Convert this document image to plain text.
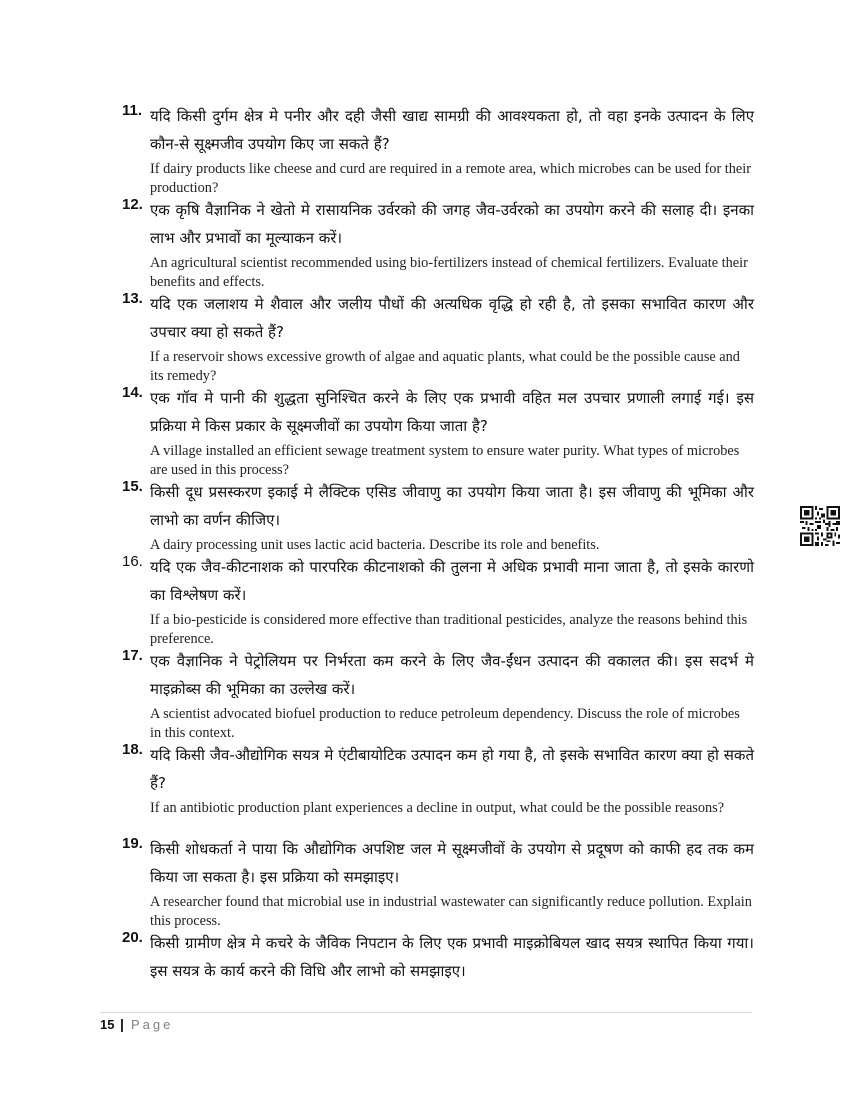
11. यदि किसी दुर्गम क्षेत्र मे पनीर और दही जैसी खाद्य सामग्री की आवश्यकता हो, तो वहा इनके उत्पादन के लिए कौन-से सूक्ष्मजीव उपयोग किए जा सकते हैं?
If dairy products like cheese and curd are required in a remote area, which microbes can be used for their production?
12. एक कृषि वैज्ञानिक ने खेतो मे रासायनिक उर्वरको की जगह जैव-उर्वरको का उपयोग करने की सलाह दी। इनका लाभ और प्रभावों का मूल्याकन करें।
An agricultural scientist recommended using bio-fertilizers instead of chemical fertilizers. Evaluate their benefits and effects.
13. यदि एक जलाशय मे शैवाल और जलीय पौधों की अत्यधिक वृद्धि हो रही है, तो इसका सभावित कारण और उपचार क्या हो सकते हैं?
If a reservoir shows excessive growth of algae and aquatic plants, what could be the possible cause and its remedy?
14. एक गॉव मे पानी की शुद्धता सुनिश्चित करने के लिए एक प्रभावी वहित मल उपचार प्रणाली लगाई गई। इस प्रक्रिया मे किस प्रकार के सूक्ष्मजीवों का उपयोग किया जाता है?
A village installed an efficient sewage treatment system to ensure water purity. What types of microbes are used in this process?
15. किसी दूध प्रसस्करण इकाई मे लैक्टिक एसिड जीवाणु का उपयोग किया जाता है। इस जीवाणु की भूमिका और लाभो का वर्णन कीजिए।
A dairy processing unit uses lactic acid bacteria. Describe its role and benefits.
16. यदि एक जैव-कीटनाशक को पारपरिक कीटनाशको की तुलना मे अधिक प्रभावी माना जाता है, तो इसके कारणो का विश्लेषण करें।
If a bio-pesticide is considered more effective than traditional pesticides, analyze the reasons behind this preference.
17. एक वैज्ञानिक ने पेट्रोलियम पर निर्भरता कम करने के लिए जैव-ईंधन उत्पादन की वकालत की। इस सदर्भ मे माइक्रोब्स की भूमिका का उल्लेख करें।
A scientist advocated biofuel production to reduce petroleum dependency. Discuss the role of microbes in this context.
18. यदि किसी जैव-औद्योगिक सयत्र मे एंटीबायोटिक उत्पादन कम हो गया है, तो इसके सभावित कारण क्या हो सकते हैं?
If an antibiotic production plant experiences a decline in output, what could be the possible reasons?
19. किसी शोधकर्ता ने पाया कि औद्योगिक अपशिष्ट जल मे सूक्ष्मजीवों के उपयोग से प्रदूषण को काफी हद तक कम किया जा सकता है। इस प्रक्रिया को समझाइए।
A researcher found that microbial use in industrial wastewater can significantly reduce pollution. Explain this process.
20. किसी ग्रामीण क्षेत्र मे कचरे के जैविक निपटान के लिए एक प्रभावी माइक्रोबियल खाद सयत्र स्थापित किया गया। इस सयत्र के कार्य करने की विधि और लाभो को समझाइए।
15 | Page
